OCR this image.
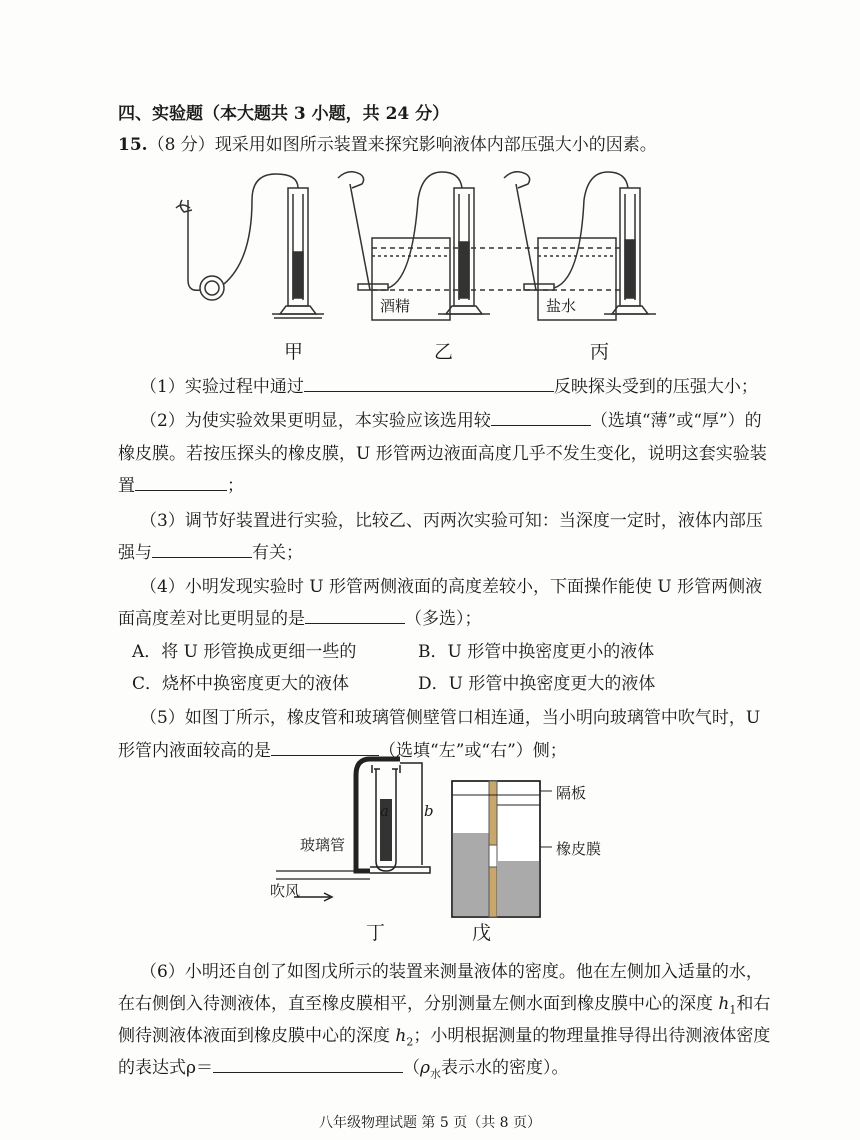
四、实验题（本大题共 3 小题，共 24 分）
15.（8 分）现采用如图所示装置来探究影响液体内部压强大小的因素。
酒精	盐水
甲	乙	丙
（1）实验过程中通过	反映探头受到的压强大小；
（2）为使实验效果更明显，本实验应该选用较	（选填“薄”或“厚”）的
橡皮膜。若按压探头的橡皮膜，U 形管两边液面高度几乎不发生变化，说明这套实验装
置	；
（3）调节好装置进行实验，比较乙、丙两次实验可知：当深度一定时，液体内部压
强与	有关；
（4）小明发现实验时 U 形管两侧液面的高度差较小，下面操作能使 U 形管两侧液
面高度差对比更明显的是	（多选）；
A．将 U 形管换成更细一些的	B．U 形管中换密度更小的液体
C．烧杯中换密度更大的液体	D．U 形管中换密度更大的液体
（5）如图丁所示，橡皮管和玻璃管侧壁管口相连通，当小明向玻璃管中吹气时，U
形管内液面较高的是	（选填“左”或“右”）侧；
a b
玻璃管
吹风
隔板
橡皮膜
丁	戊
（6）小明还自创了如图戊所示的装置来测量液体的密度。他在左侧加入适量的水，
在右侧倒入待测液体，直至橡皮膜相平，分别测量左侧水面到橡皮膜中心的深度 $h_1$和右
侧待测液体液面到橡皮膜中心的深度 $h_2$；小明根据测量的物理量推导得出待测液体密度
的表达式ρ＝	（$\rho_水$表示水的密度）。
八年级物理试题 第 5 页（共 8 页）
